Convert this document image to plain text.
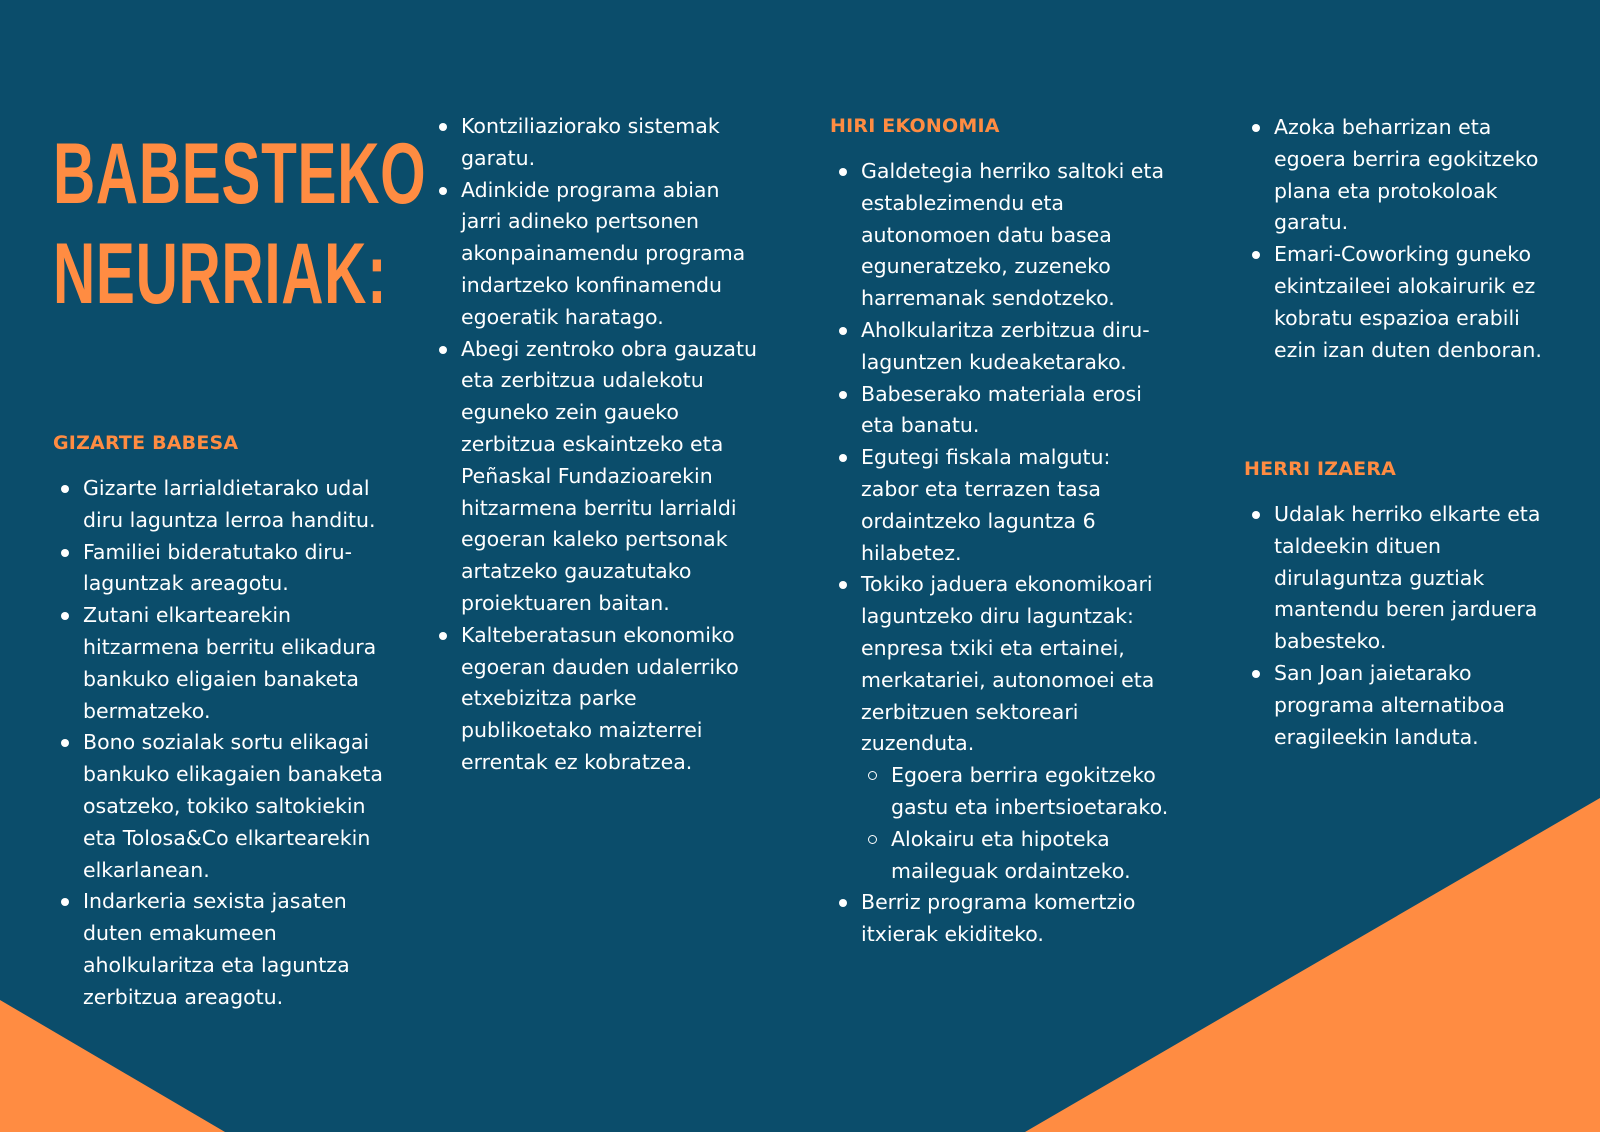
BABESTEKO
NEURRIAK:
GIZARTE BABESA
Gizarte larrialdietarako udal
diru laguntza lerroa handitu.
Familiei bideratutako diru-
laguntzak areagotu.
Zutani elkartearekin
hitzarmena berritu elikadura
bankuko eligaien banaketa
bermatzeko.
Bono sozialak sortu elikagai
bankuko elikagaien banaketa
osatzeko, tokiko saltokiekin
eta Tolosa&Co elkartearekin
elkarlanean.
Indarkeria sexista jasaten
duten emakumeen
aholkularitza eta laguntza
zerbitzua areagotu.
Kontziliaziorako sistemak
garatu.
Adinkide programa abian
jarri adineko pertsonen
akonpainamendu programa
indartzeko konfinamendu
egoeratik haratago.
Abegi zentroko obra gauzatu
eta zerbitzua udalekotu
eguneko zein gaueko
zerbitzua eskaintzeko eta
Peñaskal Fundazioarekin
hitzarmena berritu larrialdi
egoeran kaleko pertsonak
artatzeko gauzatutako
proiektuaren baitan.
Kalteberatasun ekonomiko
egoeran dauden udalerriko
etxebizitza parke
publikoetako maizterrei
errentak ez kobratzea.
HIRI EKONOMIA
Galdetegia herriko saltoki eta
establezimendu eta
autonomoen datu basea
eguneratzeko, zuzeneko
harremanak sendotzeko.
Aholkularitza zerbitzua diru-
laguntzen kudeaketarako.
Babeserako materiala erosi
eta banatu.
Egutegi fiskala malgutu:
zabor eta terrazen tasa
ordaintzeko laguntza 6
hilabetez.
Tokiko jaduera ekonomikoari
laguntzeko diru laguntzak:
enpresa txiki eta ertainei,
merkatariei, autonomoei eta
zerbitzuen sektoreari
zuzenduta.
Egoera berrira egokitzeko
gastu eta inbertsioetarako.
Alokairu eta hipoteka
maileguak ordaintzeko.
Berriz programa komertzio
itxierak ekiditeko.
Azoka beharrizan eta
egoera berrira egokitzeko
plana eta protokoloak
garatu.
Emari-Coworking guneko
ekintzaileei alokairurik ez
kobratu espazioa erabili
ezin izan duten denboran.
HERRI IZAERA
Udalak herriko elkarte eta
taldeekin dituen
dirulaguntza guztiak
mantendu beren jarduera
babesteko.
San Joan jaietarako
programa alternatiboa
eragileekin landuta.
